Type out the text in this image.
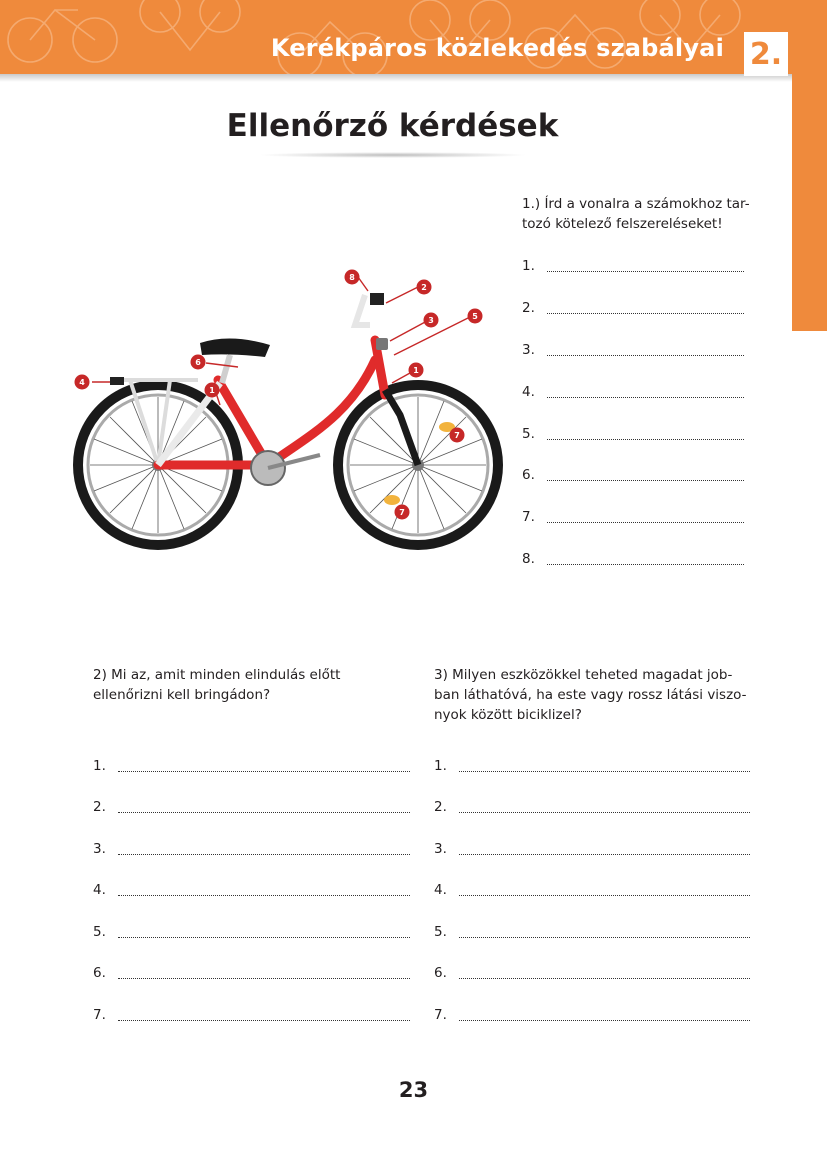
Kerékpáros közlekedés szabályai 2.
Ellenőrző kérdések
4
6
1
8
2
3	5
1
7
7
1.) Írd a vonalra a számokhoz tar-tozó kötelező felszereléseket!
1.
2.
3.
4.
5.
6.
7.
8.
2) Mi az, amit minden elindulás előtt ellenőrizni kell bringádon?
1.
2.
3.
4.
5.
6.
7.
3) Milyen eszközökkel teheted magadat job-ban láthatóvá, ha este vagy rossz látási viszo-nyok között biciklizel?
1.
2.
3.
4.
5.
6.
7.
23
